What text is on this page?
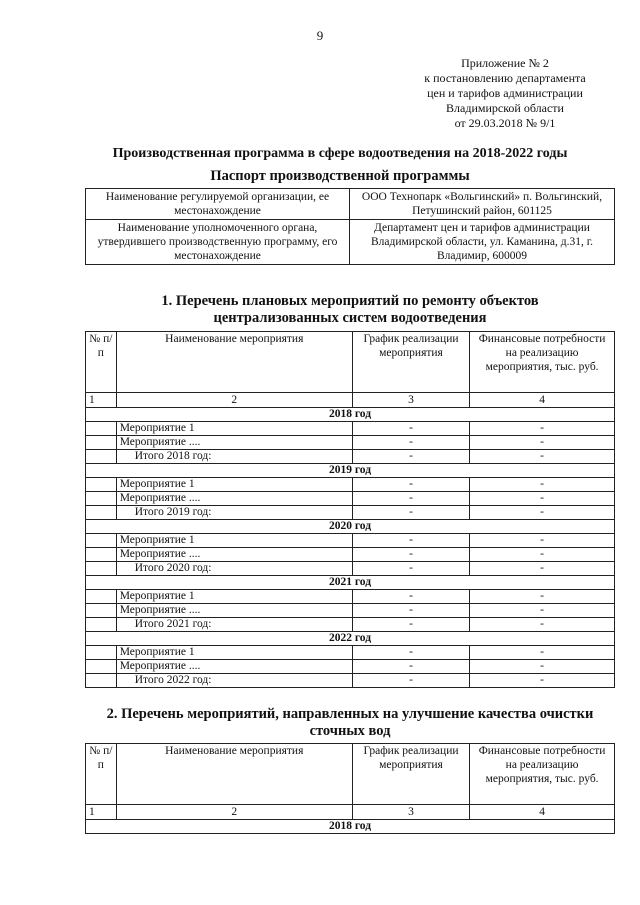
9
Приложение № 2
к постановлению департамента
цен и тарифов администрации
Владимирской области
от 29.03.2018 № 9/1
Производственная программа в сфере водоотведения на 2018-2022 годы
Паспорт производственной программы
Наименование регулируемой организации, ее местонахождение	ООО Технопарк «Вольгинский» п. Вольгинский, Петушинский район, 601125
Наименование уполномоченного органа, утвердившего производственную программу, его местонахождение	Департамент цен и тарифов администрации Владимирской области, ул. Каманина, д.31, г. Владимир, 600009
1. Перечень плановых мероприятий по ремонту объектов централизованных систем водоотведения
№ п/п	Наименование мероприятия	График реализации мероприятия	Финансовые потребности на реализацию мероприятия, тыс. руб.
1	2	3	4
2018 год			
	Мероприятие 1	-	-
	Мероприятие ....	-	-
	Итого 2018 год:	-	-
2019 год			
	Мероприятие 1	-	-
	Мероприятие ....	-	-
	Итого 2019 год:	-	-
2020 год			
	Мероприятие 1	-	-
	Мероприятие ....	-	-
	Итого 2020 год:	-	-
2021 год			
	Мероприятие 1	-	-
	Мероприятие ....	-	-
	Итого 2021 год:	-	-
2022 год			
	Мероприятие 1	-	-
	Мероприятие ....	-	-
	Итого 2022 год:	-	-
2. Перечень мероприятий, направленных на улучшение качества очистки сточных вод
№ п/п	Наименование мероприятия	График реализации мероприятия	Финансовые потребности на реализацию мероприятия, тыс. руб.
1	2	3	4
2018 год			
